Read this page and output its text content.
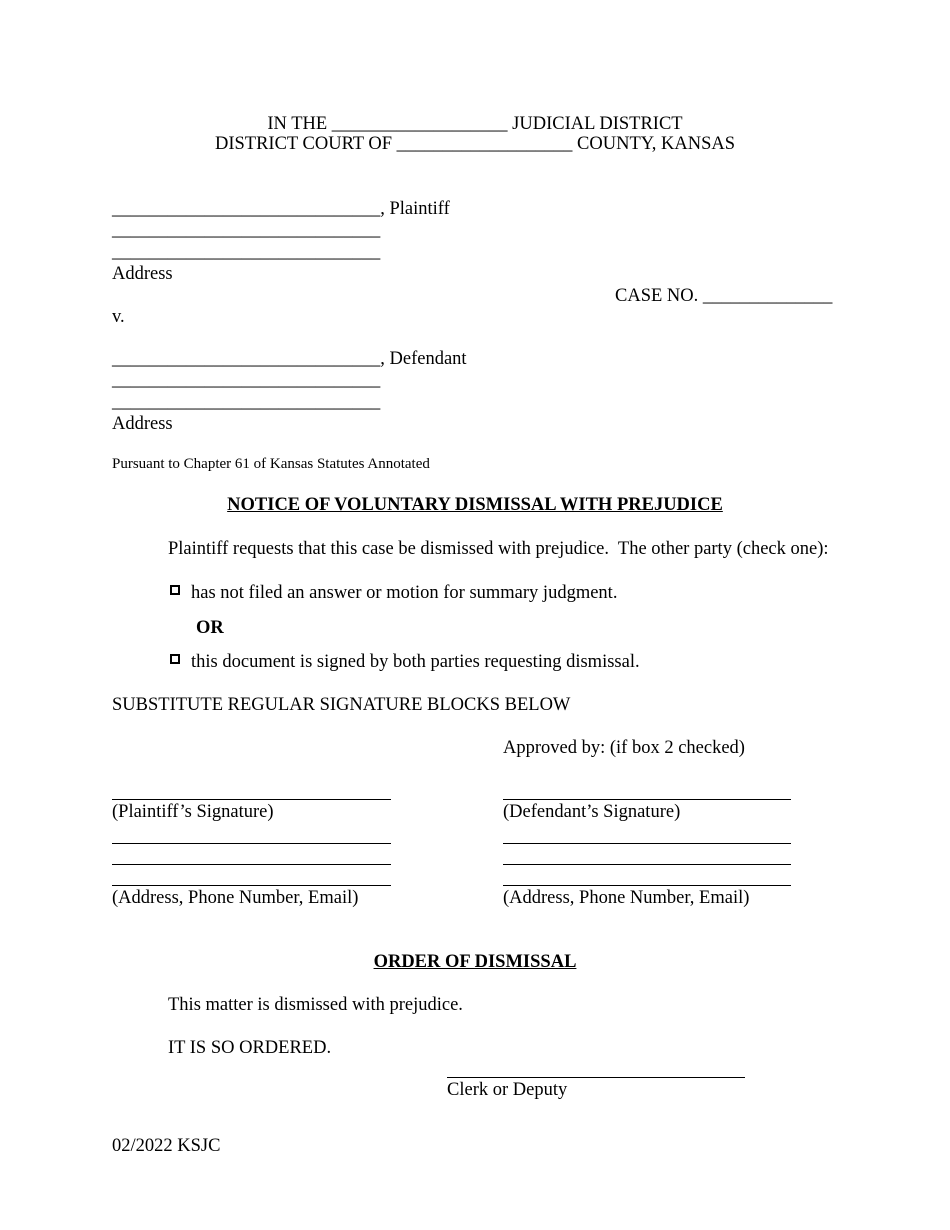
IN THE ___________________ JUDICIAL DISTRICT
DISTRICT COURT OF ___________________ COUNTY, KANSAS
_____________________________, Plaintiff
_____________________________
_____________________________
Address
CASE NO. ______________
v.
_____________________________, Defendant
_____________________________
_____________________________
Address
Pursuant to Chapter 61 of Kansas Statutes Annotated
NOTICE OF VOLUNTARY DISMISSAL WITH PREJUDICE
Plaintiff requests that this case be dismissed with prejudice.  The other party (check one):
has not filed an answer or motion for summary judgment.
OR
this document is signed by both parties requesting dismissal.
SUBSTITUTE REGULAR SIGNATURE BLOCKS BELOW
Approved by: (if box 2 checked)
(Plaintiff’s Signature)
(Address, Phone Number, Email)
(Defendant’s Signature)
(Address, Phone Number, Email)
ORDER OF DISMISSAL
This matter is dismissed with prejudice.
IT IS SO ORDERED.
Clerk or Deputy
02/2022 KSJC
